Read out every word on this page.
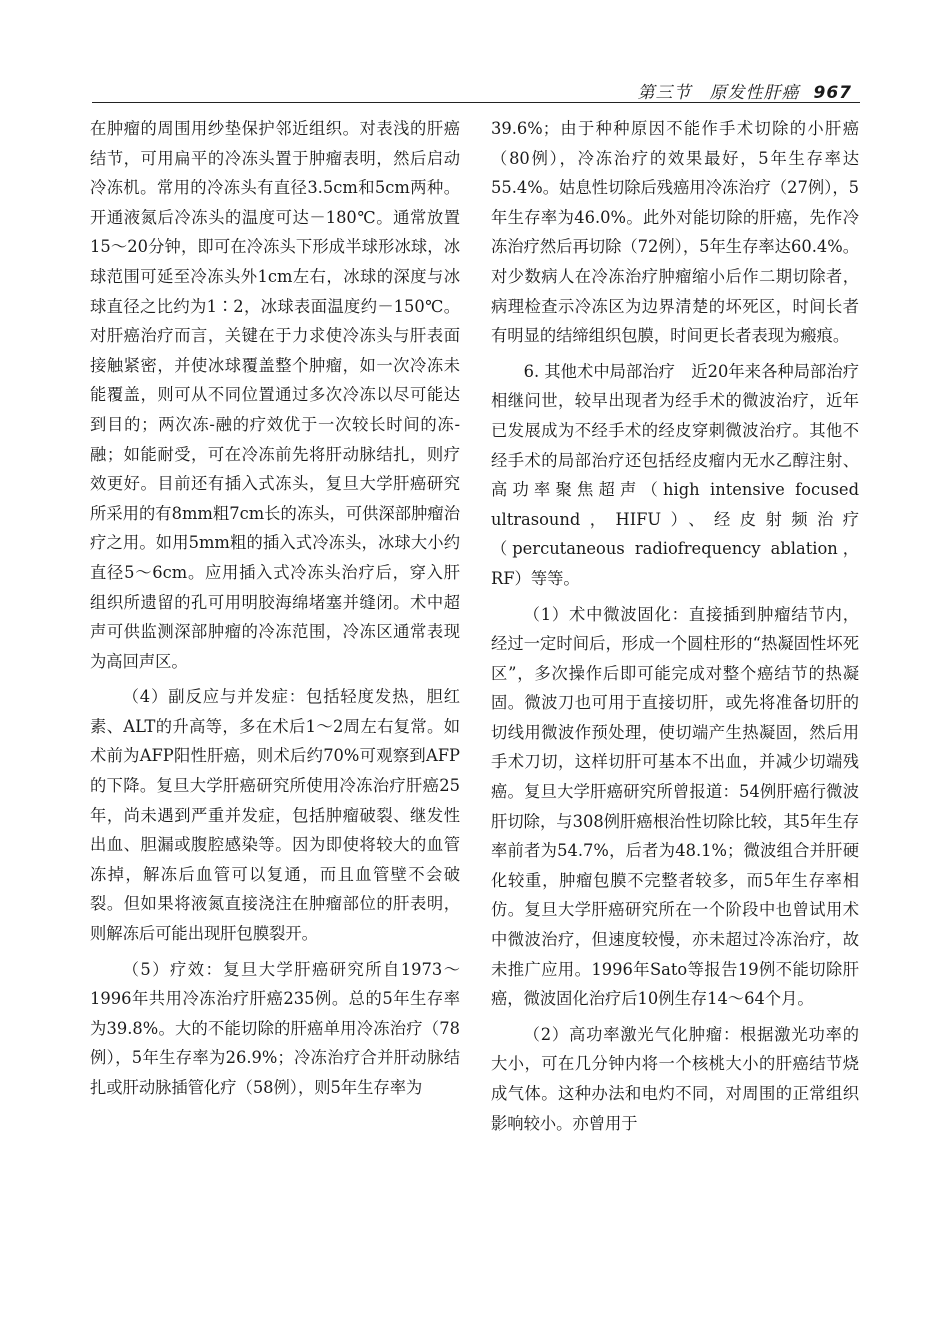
第三节　原发性肝癌 967

在肿瘤的周围用纱垫保护邻近组织。对表浅的肝癌结节，可用扁平的冷冻头置于肿瘤表明，然后启动冷冻机。常用的冷冻头有直径3.5cm和5cm两种。开通液氮后冷冻头的温度可达－180℃。通常放置15～20分钟，即可在冷冻头下形成半球形冰球，冰球范围可延至冷冻头外1cm左右，冰球的深度与冰球直径之比约为1∶2，冰球表面温度约－150℃。对肝癌治疗而言，关键在于力求使冷冻头与肝表面接触紧密，并使冰球覆盖整个肿瘤，如一次冷冻未能覆盖，则可从不同位置通过多次冷冻以尽可能达到目的；两次冻-融的疗效优于一次较长时间的冻-融；如能耐受，可在冷冻前先将肝动脉结扎，则疗效更好。目前还有插入式冻头，复旦大学肝癌研究所采用的有8mm粗7cm长的冻头，可供深部肿瘤治疗之用。如用5mm粗的插入式冷冻头，冰球大小约直径5～6cm。应用插入式冷冻头治疗后，穿入肝组织所遗留的孔可用明胶海绵堵塞并缝闭。术中超声可供监测深部肿瘤的冷冻范围，冷冻区通常表现为高回声区。

（4）副反应与并发症：包括轻度发热，胆红素、ALT的升高等，多在术后1～2周左右复常。如术前为AFP阳性肝癌，则术后约70%可观察到AFP的下降。复旦大学肝癌研究所使用冷冻治疗肝癌25年，尚未遇到严重并发症，包括肿瘤破裂、继发性出血、胆漏或腹腔感染等。因为即使将较大的血管冻掉，解冻后血管可以复通，而且血管壁不会破裂。但如果将液氮直接浇注在肿瘤部位的肝表明，则解冻后可能出现肝包膜裂开。

（5）疗效：复旦大学肝癌研究所自1973～1996年共用冷冻治疗肝癌235例。总的5年生存率为39.8%。大的不能切除的肝癌单用冷冻治疗（78例），5年生存率为26.9%；冷冻治疗合并肝动脉结扎或肝动脉插管化疗（58例），则5年生存率为

39.6%；由于种种原因不能作手术切除的小肝癌（80例），冷冻治疗的效果最好，5年生存率达55.4%。姑息性切除后残癌用冷冻治疗（27例），5年生存率为46.0%。此外对能切除的肝癌，先作冷冻治疗然后再切除（72例），5年生存率达60.4%。对少数病人在冷冻治疗肿瘤缩小后作二期切除者，病理检查示冷冻区为边界清楚的坏死区，时间长者有明显的结缔组织包膜，时间更长者表现为瘢痕。

6. 其他术中局部治疗　近20年来各种局部治疗相继问世，较早出现者为经手术的微波治疗，近年已发展成为不经手术的经皮穿刺微波治疗。其他不经手术的局部治疗还包括经皮瘤内无水乙醇注射、高功率聚焦超声（high intensive focused ultrasound，HIFU）、经皮射频治疗（percutaneous radiofrequency ablation，RF）等等。

（1）术中微波固化：直接插到肿瘤结节内，经过一定时间后，形成一个圆柱形的“热凝固性坏死区”，多次操作后即可能完成对整个癌结节的热凝固。微波刀也可用于直接切肝，或先将准备切肝的切线用微波作预处理，使切端产生热凝固，然后用手术刀切，这样切肝可基本不出血，并减少切端残癌。复旦大学肝癌研究所曾报道：54例肝癌行微波肝切除，与308例肝癌根治性切除比较，其5年生存率前者为54.7%，后者为48.1%；微波组合并肝硬化较重，肿瘤包膜不完整者较多，而5年生存率相仿。复旦大学肝癌研究所在一个阶段中也曾试用术中微波治疗，但速度较慢，亦未超过冷冻治疗，故未推广应用。1996年Sato等报告19例不能切除肝癌，微波固化治疗后10例生存14～64个月。

（2）高功率激光气化肿瘤：根据激光功率的大小，可在几分钟内将一个核桃大小的肝癌结节烧成气体。这种办法和电灼不同，对周围的正常组织影响较小。亦曾用于
